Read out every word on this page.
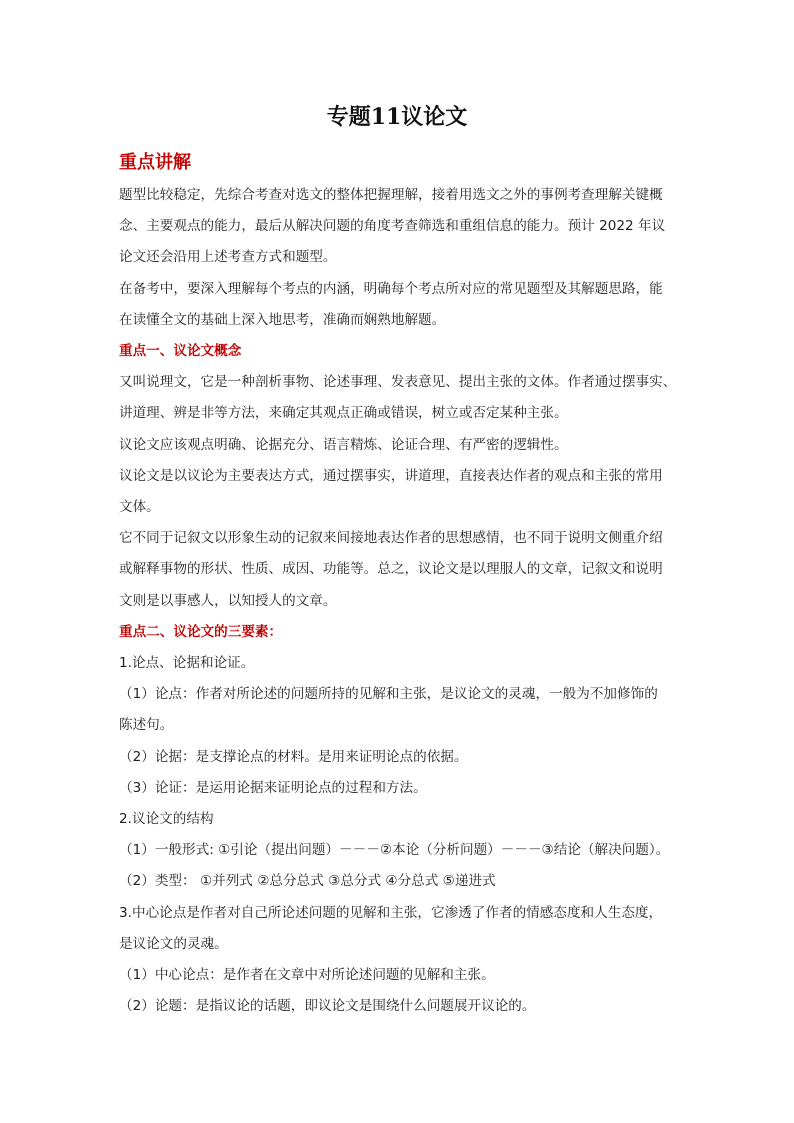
专题11议论文
重点讲解

题型比较稳定，先综合考查对选文的整体把握理解，接着用选文之外的事例考查理解关键概

念、主要观点的能力，最后从解决问题的角度考查筛选和重组信息的能力。预计 2022 年议

论文还会沿用上述考查方式和题型。

在备考中，要深入理解每个考点的内涵，明确每个考点所对应的常见题型及其解题思路，能

在读懂全文的基础上深入地思考，准确而娴熟地解题。

重点一、议论文概念

又叫说理文，它是一种剖析事物、论述事理、发表意见、提出主张的文体。作者通过摆事实、

讲道理、辨是非等方法，来确定其观点正确或错误，树立或否定某种主张。

议论文应该观点明确、论据充分、语言精炼、论证合理、有严密的逻辑性。

议论文是以议论为主要表达方式，通过摆事实，讲道理，直接表达作者的观点和主张的常用

文体。

它不同于记叙文以形象生动的记叙来间接地表达作者的思想感情，也不同于说明文侧重介绍

或解释事物的形状、性质、成因、功能等。总之，议论文是以理服人的文章，记叙文和说明

文则是以事感人，以知授人的文章。

重点二、议论文的三要素：

1.论点、论据和论证。

（1）论点：作者对所论述的问题所持的见解和主张，是议论文的灵魂，一般为不加修饰的

陈述句。

（2）论据：是支撑论点的材料。是用来证明论点的依据。

（3）论证：是运用论据来证明论点的过程和方法。

2.议论文的结构

（1）一般形式: ①引论（提出问题）－－－②本论（分析问题）－－－③结论（解决问题）。

（2）类型： ①并列式 ②总分总式 ③总分式 ④分总式 ⑤递进式

3.中心论点是作者对自己所论述问题的见解和主张，它渗透了作者的情感态度和人生态度，

是议论文的灵魂。

（1）中心论点：是作者在文章中对所论述问题的见解和主张。

（2）论题：是指议论的话题，即议论文是围绕什么问题展开议论的。
